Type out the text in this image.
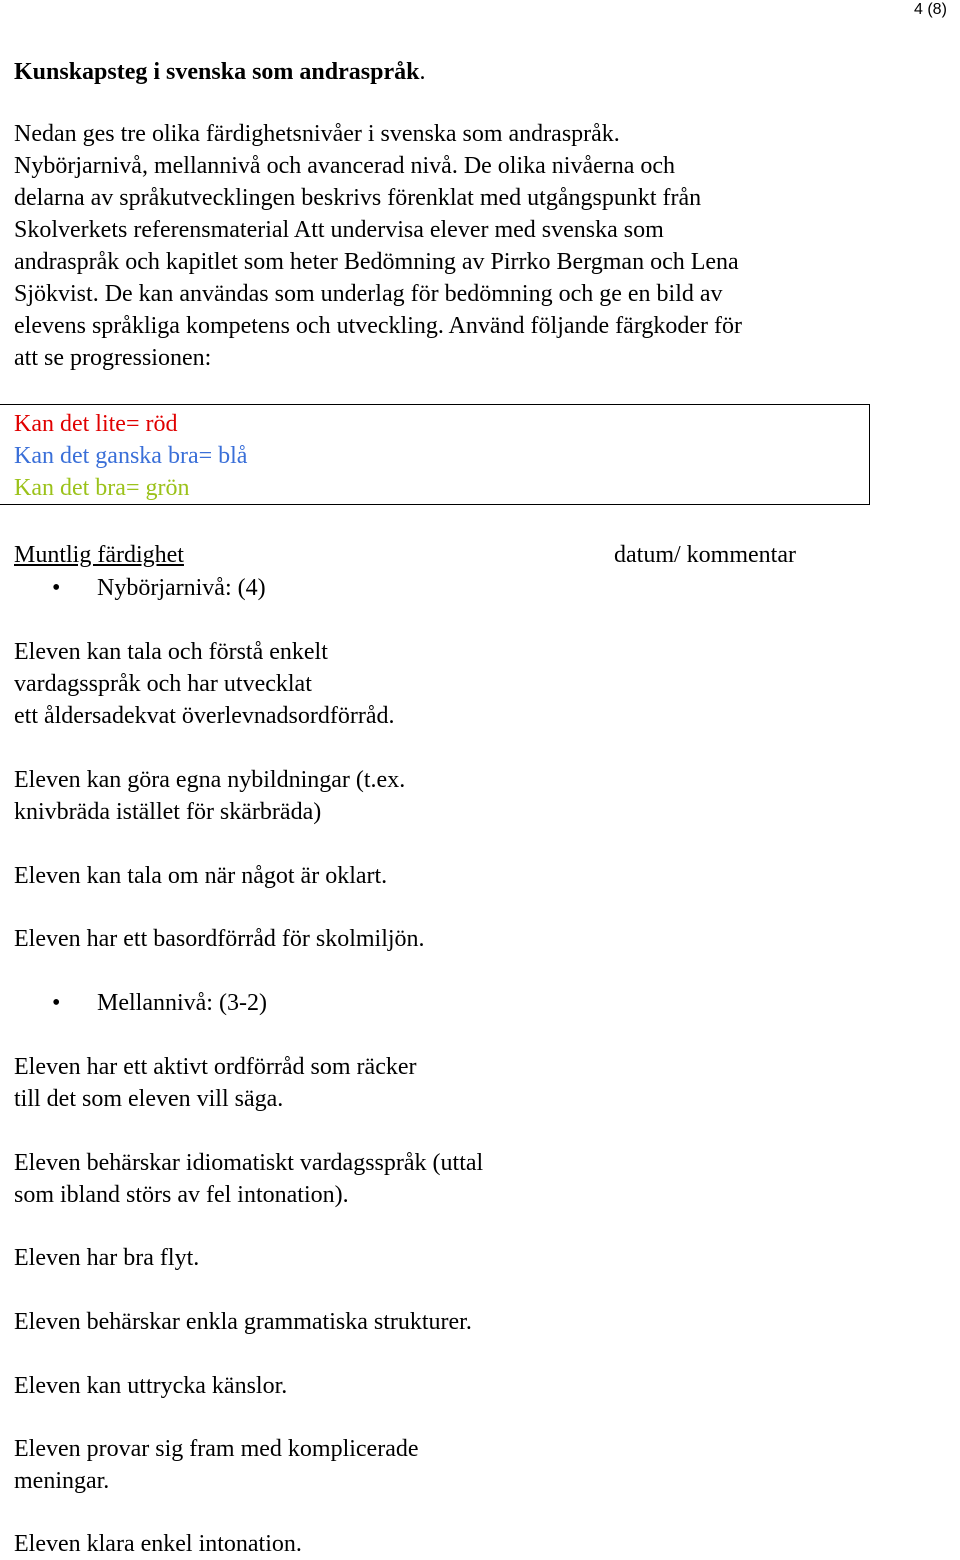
4 (8)
Kunskapsteg i svenska som andraspråk.
Nedan ges tre olika färdighetsnivåer i svenska som andraspråk.
Nybörjarnivå, mellannivå och avancerad nivå. De olika nivåerna och
delarna av språkutvecklingen beskrivs förenklat med utgångspunkt från
Skolverkets referensmaterial Att undervisa elever med svenska som
andraspråk och kapitlet som heter Bedömning av Pirrko Bergman och Lena
Sjökvist. De kan användas som underlag för bedömning och ge en bild av
elevens språkliga kompetens och utveckling. Använd följande färgkoder för
att se progressionen:
Kan det lite= röd
Kan det ganska bra= blå
Kan det bra= grön
Muntlig färdighet	datum/ kommentar
• Nybörjarnivå: (4)
Eleven kan tala och förstå enkelt
vardagsspråk och har utvecklat
ett åldersadekvat överlevnadsordförråd.
Eleven kan göra egna nybildningar (t.ex.
knivbräda istället för skärbräda)
Eleven kan tala om när något är oklart.
Eleven har ett basordförråd för skolmiljön.
• Mellannivå: (3-2)
Eleven har ett aktivt ordförråd som räcker
till det som eleven vill säga.
Eleven behärskar idiomatiskt vardagsspråk (uttal
som ibland störs av fel intonation).
Eleven har bra flyt.
Eleven behärskar enkla grammatiska strukturer.
Eleven kan uttrycka känslor.
Eleven provar sig fram med komplicerade
meningar.
Eleven klara enkel intonation.
